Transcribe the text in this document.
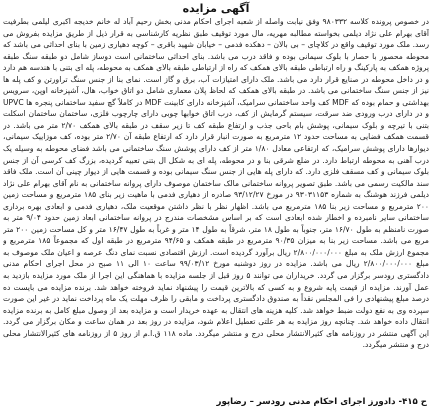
آگهی مزایده
در خصوص پرونده کلاسه ۹۸۰۳۳۲ وفق نیابت واصله از شعبه اجرای احکام مدنی بخش رحیم آباد له خانم خدیجه اکبری لیلمی بطرفیت آقای بهرام علی نژاد دیلمی بخواسته مطالبه مهریه، مال مورد توقیف طبق نظریه کارشناسی به قرار ذیل از طریق مزایده بفروش می رسد. ملک مورد توقیف واقع در کلاچای – بی بالان – دهکده فدمی – خیابان شهید باقری – کوچه دهیاری زمین با بنای احداثی می باشد که محوطه محصور با حصار با بلوک سیمانی بوده و فاقد درب می باشد. بنای احداثی ساختمانی است دوساز شامل دو طبقه سنگ طبقه پروژه همکف به پارکینگ و راه ارتباطی طبقه بالای همکف که راه از ارتباطی طبقه بالای همکف به محوطه، پله ای بتنی با هندسه هم دارد و در داخل محوطه در صنایع قرار دارد می باشد. ملک دارای امتیازات آب، برق و گاز است. نمای بنا از جنس سنگ تراورتن و کف پله ها نیز از جنس سنگ ساختمانی می باشد. در طبقه بالای همکف که لحاظ پلان معماری شامل دو اتاق خواب، هال، آشپزخانه اوپن، سرویس بهداشتی و حمام بوده که MDF کف واحد ساختمانی سرامیک، آشپزخانه دارای کابینت MDF در کاملاً گچ سفید ساختمانی پنجره ها UPVC و در دارای درب ورودی ضد سرقت، سیستم گرمایش از کف، درب اتاق خوابها چوبی دارای چارچوب فلزی، ساختمان ساختمان اسکلت بتنی با تیرچه و بلوک سیمانی، پوشش بام باحی جذب و ارتفاع طبقه کف تا زیر سقف در طبقه بالای همکف ۲/۷۰ متر می باشد. در قسمت همکف فضایی به مساحت حدود ۱۲ مترمربع به صورت انبار قرار دارد که ارتفاع طبقه آن ۲/۷۰ متر بوده، کف موزاییک سیمانی، دیوارها دارای پوشش سرامیک، که ارتفاعی معادل ۱/۸۰ متر از کف دارای پوشش سنگ ساختمانی می باشد فضای محوطه به وسیله یک درب آهنی به محوطه ارتباط دارد. در ضلع شرقی بنا و در محوطه، پله ای به شکل ال بتنی تعبیه گردیده، بزرگ کف کرسی آن از جنس بلوک سیمانی و کف مسقف فلزی دارد. که دارای پله هایی از جنس سنگ سیمانی بوده و قسمت هایی از دیوار چینی آن است. ملک فاقد سند مالکیت رسمی می باشد. طبق تصویر پروانه ساختمانی مالک ساختمان موصوف دارای پروانه ساختمانی به نام آقای بهرام علی نژاد دیلمی فرزند هوشنگ به شماره ۹۳۰۳۱۱۵۳ در مورخ ۹۳/۱۲/۲۷ صادره از دهیاری فدمی با ماهیت زیر بنای ۱۸۵ مترمربع و مساحت زمین ۲۰۰ مترمربع و مساحت زیر بنا ۱۸۵ مترمربع می باشد. اظهار نظر با نظر داشتن موقعیت ملک، دهیاری فدمی و ابعادی بهره برداری ساختمانی سایر نامبرده و اخطار شده ابعادی است که بر اساس مشخصات مندرج در پروانه ساختمانی ابعاد زمین حدود ۹/۰۴ متر به صورت نامنظم به طول ۱۶/۷۰ متر، جنوباً به طول ۱۸ متر، شرقاً به طول ۱۴ متر و غرباً به طول ۱۶/۴۷ متر و کل مساحت زمین ۲۰۰ متر مربع می باشد. مساحت زیر بنا به میزان ۹۰/۳۵ مترمربع در طبقه همکف و ۹۴/۶۵ مترمربع در طبقه اول که مجموعاً ۱۸۵ مترمربع و مجموع ارزش ملک به مبلغ ۲/۸۰۰/۰۰۰/۰۰۰ ریال برآورد گردیده است. ارزش اقتصادی نسبت نمای دنگ عرصه و اعیان ملک موصوف به مبلغ ۲/۸۰۰/۰۰۰/۰۰۰ ریال می باشد. مزایده در روز دوشنبه مورخ ۹۹/۰۳/۱۲ ساعت ۱۰ الی ۱۱ صبح در محل اجرای احکام مدنی دادگستری رودسر برگزار می گردد. خریداران می توانند ۵ روز قبل از جلسه مزایده با هماهنگی این اجرا از ملک مورد مزایده بازدید به عمل آورند. مزایده از قیمت پایه شروع و به کسی که بالاترین قیمت را پیشنهاد نماید فروخته خواهد شد. برنده مزایده می بایست ده درصد مبلغ پیشنهادی را فی المجلس نقداً به صندوق دادگستری پرداخت و مابقی را ظرف مهلت یک ماه پرداخت نماید در غیر این صورت سپرده وی به نفع دولت ضبط خواهد شد. کلیه هزینه های انتقال به عهده خریدار است و مزایده بعد از وصول مبلغ کامل به برنده مزایده انتقال داده خواهد شد. چنانچه روز مزایده به هر علتی تعطیل اعلام شود، مزایده در روز بعد در همان ساعت و مکان برگزار می گردد. این آگهی منتشر در روزنامه های کثیرالانتشار محلی درج و منتشر میگردد. ماده ۱۱۸ ق.ا.م از روز ۵ از روزنامه های کثیرالانتشار محلی درج و منتشر میگردد.
ح ۴۱۵- دادورز اجرای احکام مدنی رودسر – رضاپور
